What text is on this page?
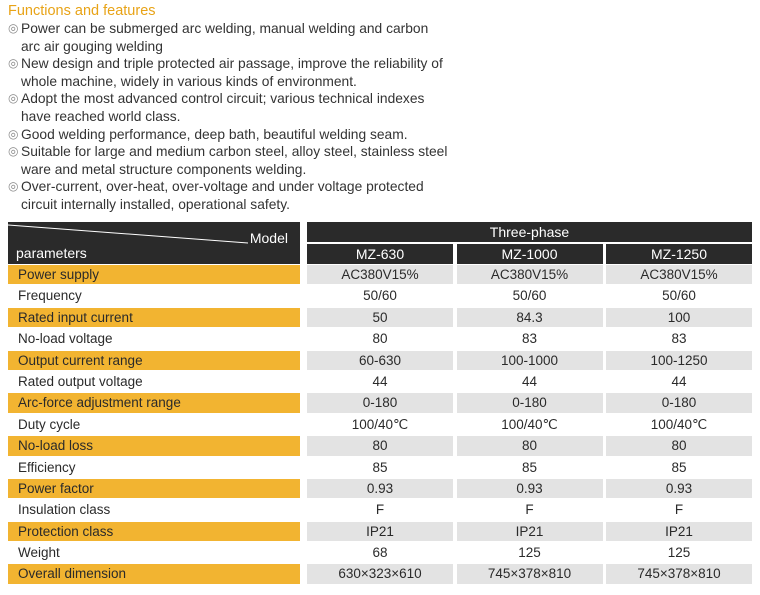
Functions and features
◎
Power can be submerged arc welding, manual welding and carbon
arc air gouging welding
◎
New design and triple protected air passage, improve the reliability of
whole machine, widely in various kinds of environment.
◎
Adopt the most advanced control circuit; various technical indexes
have reached world class.
◎
Good welding performance, deep bath, beautiful welding seam.
◎
Suitable for large and medium carbon steel, alloy steel, stainless steel
ware and metal structure components welding.
◎
Over-current, over-heat, over-voltage and under voltage protected
circuit internally installed, operational safety.
Model
parameters
Three-phase
MZ-630	MZ-1000	MZ-1250
Power supply	AC380V15%	AC380V15%	AC380V15%
Frequency	50/60	50/60	50/60
Rated input current	50	84.3	100
No-load voltage	80	83	83
Output current range	60-630	100-1000	100-1250
Rated output voltage	44	44	44
Arc-force adjustment range	0-180	0-180	0-180
Duty cycle	100/40℃	100/40℃	100/40℃
No-load loss	80	80	80
Efficiency	85	85	85
Power factor	0.93	0.93	0.93
Insulation class	F	F	F
Protection class	IP21	IP21	IP21
Weight	68	125	125
Overall dimension	630×323×610	745×378×810	745×378×810
